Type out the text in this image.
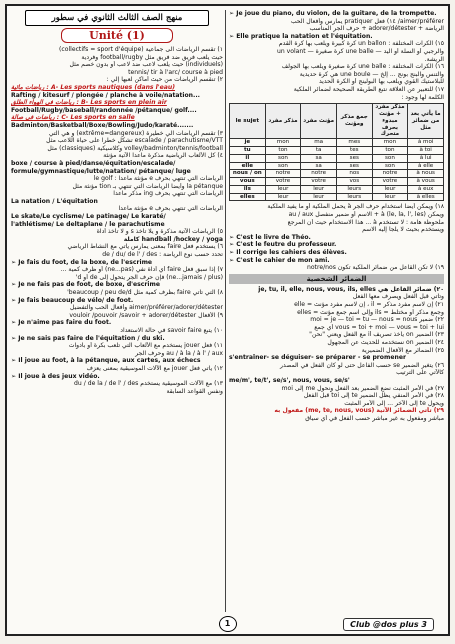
منهج الصف الثالث الثانوي في سطور
Unité (1)
١) تقسم الرياضات الى جماعية (collectifs = sport d'équipe)
حيث يلعب فريق ضد فريق مثل football/rugby وفردية
(individuels) حيث يلعب لاعب ضد لاعب أو بدون خصم مثل
tennis/ tir à l'arc/ course à pied
٢) تنقسم الرياضات من حيث أماكن لعبها إلي :
رياضات مائية : A- Les sports nautiques (dans l'eau)
Rafting / kitesurf / plongée / planche à voile/natation...
رياضات في الهواء الطلق : B- Les sports en plein air
Football/Rugby/baseball/randonnée /pétanque/ golf....
رياضات في صالة : C- Les sports en salle
Badminton/Basketball/Boxe/Bowling/Judo/karaté.......
٣) تقسم الرياضات الي خطيرة (extrême=dangereux) و هي التي
escalade / parachutisme/VTT تشكل خطرا على حياة اللاعب مثل
volley/badminton/tennis/football وكلاسيكية (classiques) مثل
٤) كل الألعاب الرياضية مذكرة ماعدا الآتية مؤنثة
boxe / course à pied/danse/équitation/escalade/
formule/gymnastique/lutte/natation/ pétanque/ luge
الرياضات التي تنتهي بحرف e مؤنثة ماعدا : le golf
la pétanque وأيضا الرياضات التي تنتهي بـ tion مؤنثة مثل
الرياضات التي تنتهي بحرف ing مذكر ماعدا
La natation / L'équitation
الرياضات التي تنتهي بحرف e مؤنثة ماعدا
Le skate/Le cyclisme/ Le patinage/ Le karaté/
l'athlétisme/ Le deltaplane / le parachutisme
٥) الرياضات الآتية مذكرة و يلا تأخذ s و لا تأخذ أداة
handball /hockey / yoga كاملة
٦) يستخدم فعل faire بمعنى يمارس يأتي مع النشاط الرياضي
تحدد حسب نوع الرياضة : de / du/ de l' / des
➢ Je fais du foot, de la boxe, de l'escrime
٧) إذا سبق فعل faire أي أداة نفي (ne...pas) أو ظرف كمية ...
(ne...jamais / plus) فإن حرف الجر يتحول إلى de أو d'
➢ Je ne fais pas de foot, de boxe, d'escrime
٨) التي تأتي faire بظرف كمية مثل beaucoup / peu de/d'
➢ Je fais beaucoup de vélo/ de foot.
aimer/préférer/adorer/détester وأفعال الحب والتفضيل
٩) الأفعال vouloir /pouvoir /savoir + adorer/détester
➢ Je n'aime pas faire du foot.
١٠) يتبع savoir faire في حالة الاستعداد
➢ Je ne sais pas faire de l'équitation / du ski.
١١) فعل jouer يستخدم مع الألعاب التي تلعب بكرة أو بأدوات
au / à la / à l' / aux وحرف الجر
➢ Il joue au foot, à la pétanque, aux cartes, aux échecs
١٢) يأتي فعل jouer مع الآلات الموسيقية بمعنى يعزف
➢ Il joue à des jeux vidéo.
١٣) مع الآلات الموسيقية يستخدم du / de la / de l' / des
ونفس القواعد السابقة
➢ Je joue du piano, du violon, de la guitare, de la trompette.
aimer/préférer/ ١٤) فعل pratiquer يمارس وأفعال الحب
الرياضة + adorer/détester + حرف الجر المناسب
➢ Elle pratique la natation et l'équitation.
١٥) الكرات المختلفة : un ballon كرة كبيرة ويلعب بها كرة القدم
والرجبي أو السلة أو اليد — une balle كرة صغيرة — un volant
الريشة.
١٦) الكرات المختلفة : une balle كرة صغيرة ويلعب بها الجولف
والتنس والبنج بونج ... إلخ — une boule هي كرة حديدية
للبلاستيك القوي ويلعب بها البولينج أو الكرة الحديد
١٧) للتعبير عن العلاقة نتبع الطريقة الصحيحة لضمائر الملكية
الكلمة لها وجود :
le sujet	مذكر مفرد	مؤنث مفرد	جمع مذكر ومؤنث	مذكر مفرد + مؤنث مبدوء بحرف متحرك	ما يأتي بعد من ضمائر مثل
je	mon	ma	mes	mon	à moi
tu	ton	ta	tes	ton	à toi
il	son	sa	ses	son	à lui
elle	son	sa	ses	son	à elle
nous / on	notre	notre	nos	notre	à nous
vous	votre	votre	vos	votre	à vous
ils	leur	leur	leurs	leur	à eux
elles	leur	leur	leurs	leur	à elles
١٨) ويمكن أيضا استخدام حرف الجر à يحمل الملكية أو ما يفيد الملكية
ويمكن à (le, la, l', les) + الاسم أو ضمير منفصل au / aux
ملحوظة هامة : لا تستخدم à ... هذا الاستخدام حيث أن المرجع
ويستخدم بحيث لا يلجأ إليه الاسم
➢ C'est le livre de Théo.
➢ C'est le feutre du professeur.
➢ Il corrige les cahiers des élèves.
➢ C'est le cahier de mon ami.
١٩) لا تكن القاعل من ضمائر الملكية تكون notre/nos
الضمائر الشخصية
٢٠) ضمائر الفاعل هي je, tu, il, elle, nous, vous, ils, elles
وتأتي قبل الفعل ويصرف معها الفعل
٢١) إن لاسم مفرد مذكر = il ، إن لاسم مفرد مؤنث = elle
وجمع مذكر أو مختلط = ils وإلى اسم جمع مؤنث = elles
٢٢) ضمير moi = je — toi = tu — nous = nous
vous = toi + moi — vous = toi + lui أي جمع
٢٣) الضمير on يأخذ تصريف il مع الفعل ويعني "نحن"
٢٤) الضمير on نستخدمه للحديث عن المجهول
٢٥) الضمائر مع الأفعال الضميرية
s'entraîner- se déguiser- se préparer - se promener
٢٦) يتغير الضمير se حسب الفاعل حتى لو كان الفعل في المصدر
كالآتي على الترتيب
me/m', te/t', se/s', nous, vous, se/s'
٢٧) في الأمر المثبت نضع الضمير بعد الفعل ونحول me إلى moi
٢٨) في الأمر المنفي يظل الضمير te إلى toi قبل الفعل
ويحول te إلى الآخر ... إلى الأمر المثبت
٢٩) تأتي الضمائر الآتية (me, te, nous, vous) مفعول به
مباشر ومفعول به غير مباشر حسب الفعل في أي سياق
1	Club @dos plus 3
